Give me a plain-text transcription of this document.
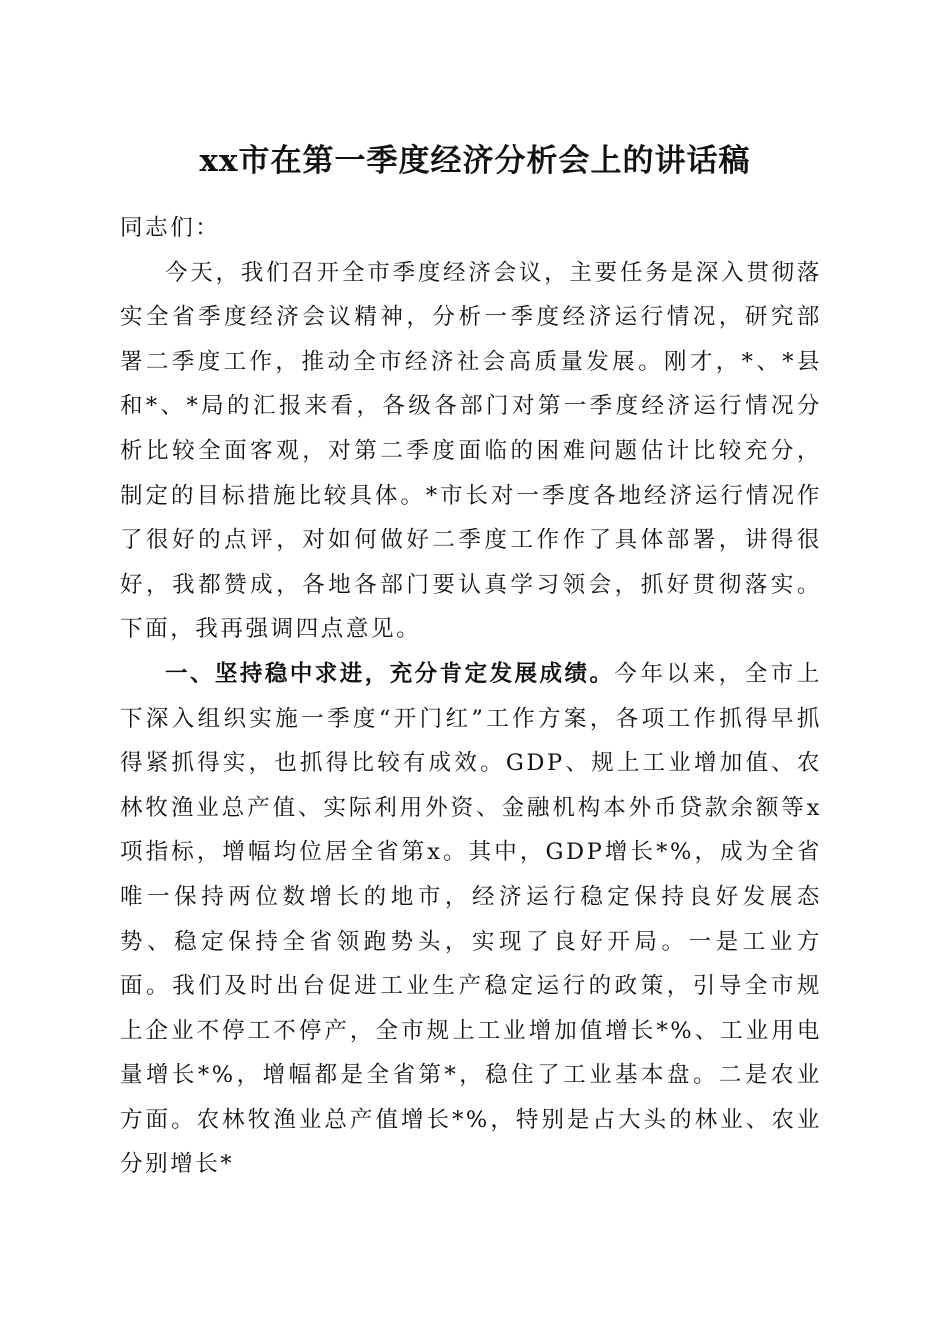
xx市在第一季度经济分析会上的讲话稿

同志们：

今天，我们召开全市季度经济会议，主要任务是深入贯彻落实全省季度经济会议精神，分析一季度经济运行情况，研究部署二季度工作，推动全市经济社会高质量发展。刚才，*、*县和*、*局的汇报来看，各级各部门对第一季度经济运行情况分析比较全面客观，对第二季度面临的困难问题估计比较充分，制定的目标措施比较具体。*市长对一季度各地经济运行情况作了很好的点评，对如何做好二季度工作作了具体部署，讲得很好，我都赞成，各地各部门要认真学习领会，抓好贯彻落实。下面，我再强调四点意见。

一、坚持稳中求进，充分肯定发展成绩。今年以来，全市上下深入组织实施一季度“开门红”工作方案，各项工作抓得早抓得紧抓得实，也抓得比较有成效。GDP、规上工业增加值、农林牧渔业总产值、实际利用外资、金融机构本外币贷款余额等x项指标，增幅均位居全省第x。其中，GDP增长*%，成为全省唯一保持两位数增长的地市，经济运行稳定保持良好发展态势、稳定保持全省领跑势头，实现了良好开局。一是工业方面。我们及时出台促进工业生产稳定运行的政策，引导全市规上企业不停工不停产，全市规上工业增加值增长*%、工业用电量增长*%，增幅都是全省第*，稳住了工业基本盘。二是农业方面。农林牧渔业总产值增长*%，特别是占大头的林业、农业分别增长*
